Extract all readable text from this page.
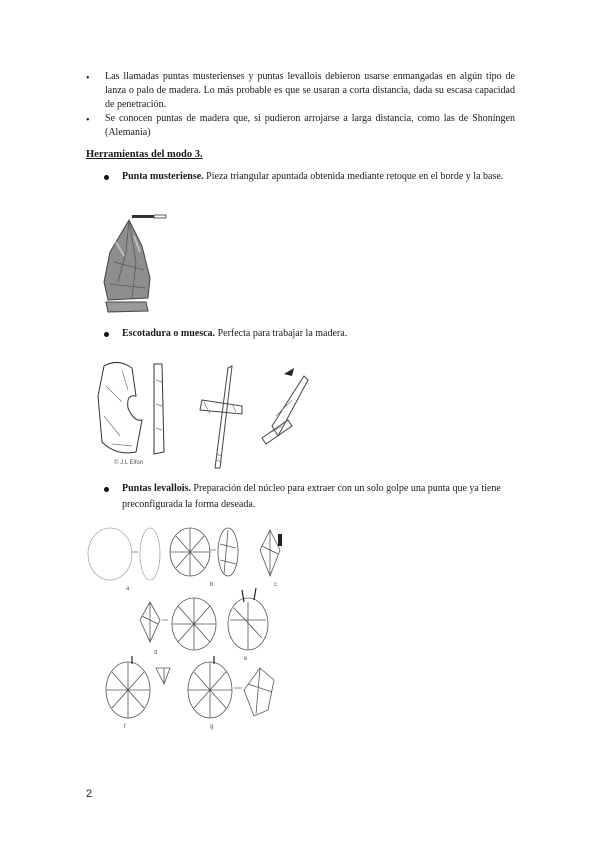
• Las llamadas puntas musterienses y puntas levallois debieron usarse enmangadas en algún tipo de lanza o palo de madera. Lo más probable es que se usaran a corta distancia, dada su escasa capacidad de penetración.
• Se conocen puntas de madera que, si pudieron arrojarse a larga distancia, como las de Shoningen (Alemania)
Herramientas del modo 3.
Punta musteriense. Pieza triangular apuntada obtenida mediante retoque en el borde y la base.
Escotadura o muesca. Perfecta para trabajar la madera.
© J.L Elfon
Puntas levallois. Preparación del núcleo para extraer con un solo golpe una punta que ya tiene preconfigurada la forma deseada.
a
b	c
d
e
f	g
2
